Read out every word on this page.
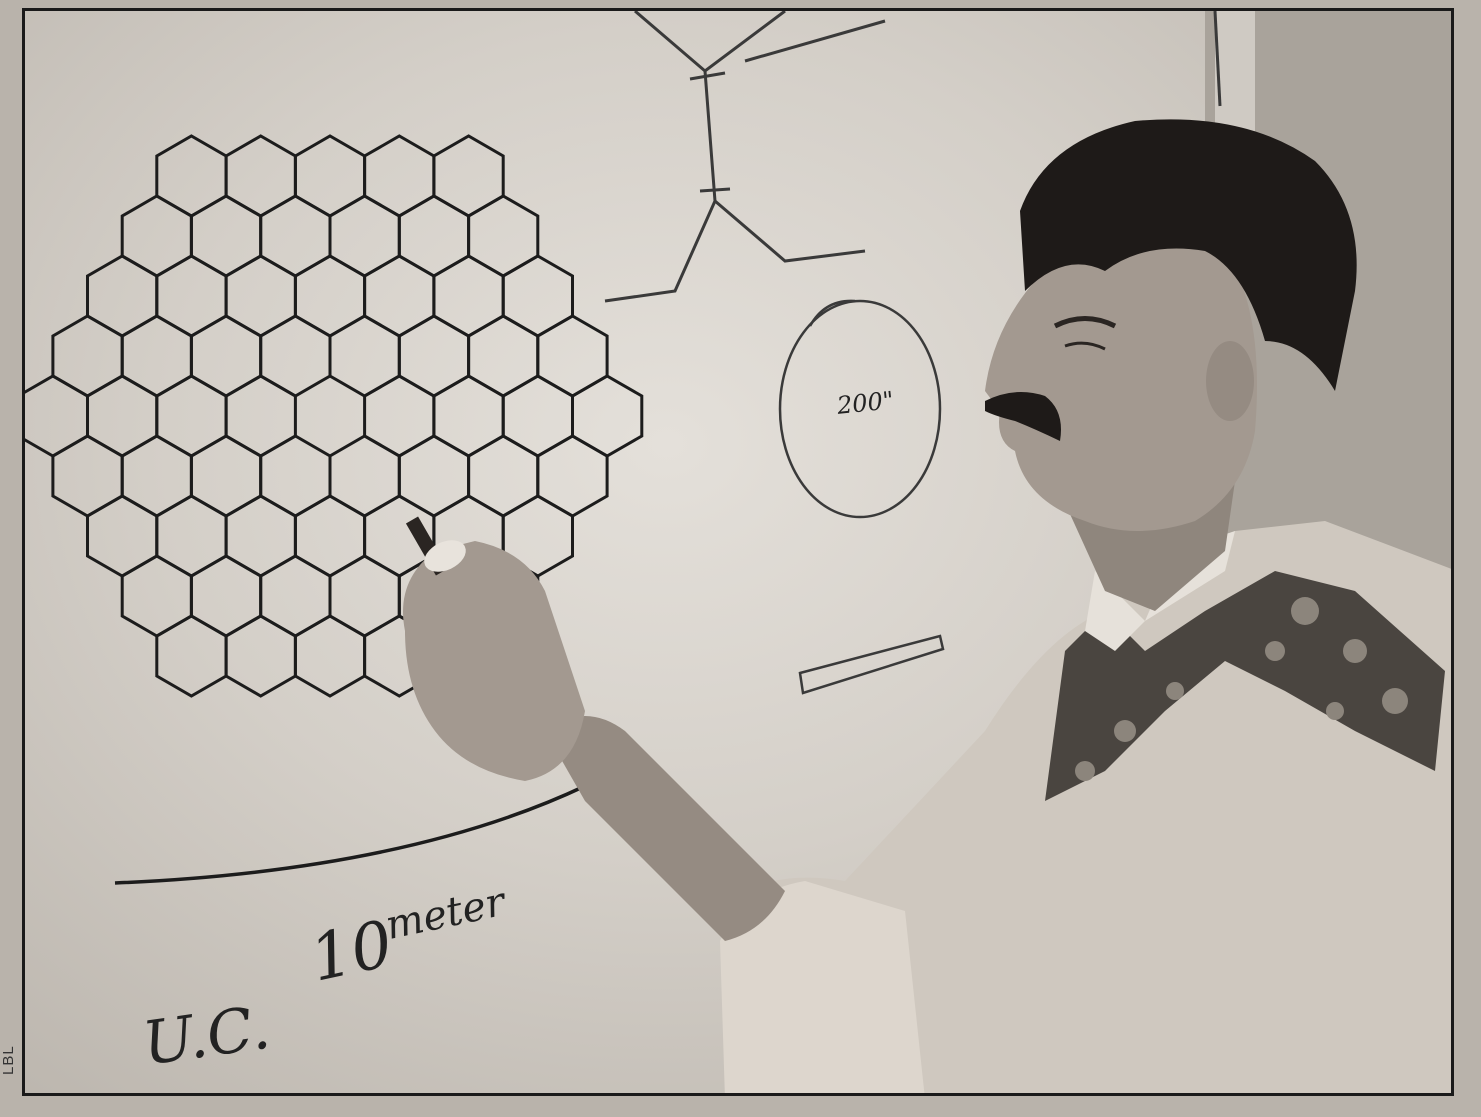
200"
U.C.
10
meter
LBL
